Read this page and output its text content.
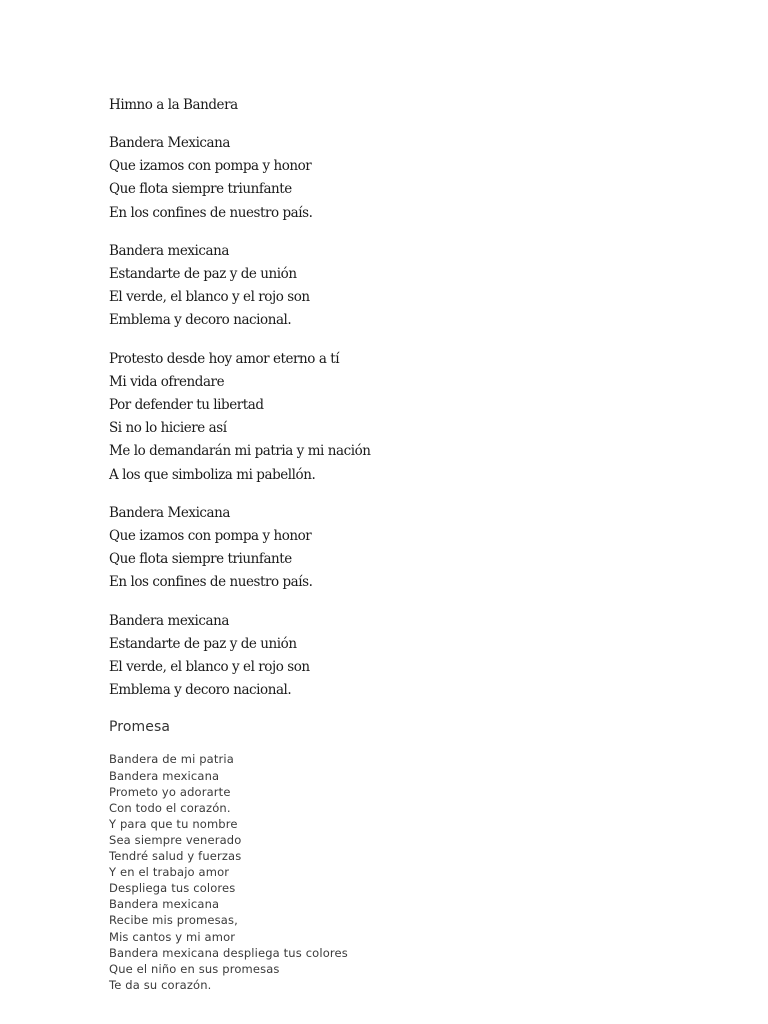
Himno a la Bandera
Bandera Mexicana
Que izamos con pompa y honor
Que flota siempre triunfante
En los confines de nuestro país.
Bandera mexicana
Estandarte de paz y de unión
El verde, el blanco y el rojo son
Emblema y decoro nacional.
Protesto desde hoy amor eterno a tí
Mi vida ofrendare
Por defender tu libertad
Si no lo hiciere así
Me lo demandarán mi patria y mi nación
A los que simboliza mi pabellón.
Bandera Mexicana
Que izamos con pompa y honor
Que flota siempre triunfante
En los confines de nuestro país.
Bandera mexicana
Estandarte de paz y de unión
El verde, el blanco y el rojo son
Emblema y decoro nacional.
Promesa
Bandera de mi patria
Bandera mexicana
Prometo yo adorarte
Con todo el corazón.
Y para que tu nombre
Sea siempre venerado
Tendré salud y fuerzas
Y en el trabajo amor
Despliega tus colores
Bandera mexicana
Recibe mis promesas,
Mis cantos y mi amor
Bandera mexicana despliega tus colores
Que el niño en sus promesas
Te da su corazón.
